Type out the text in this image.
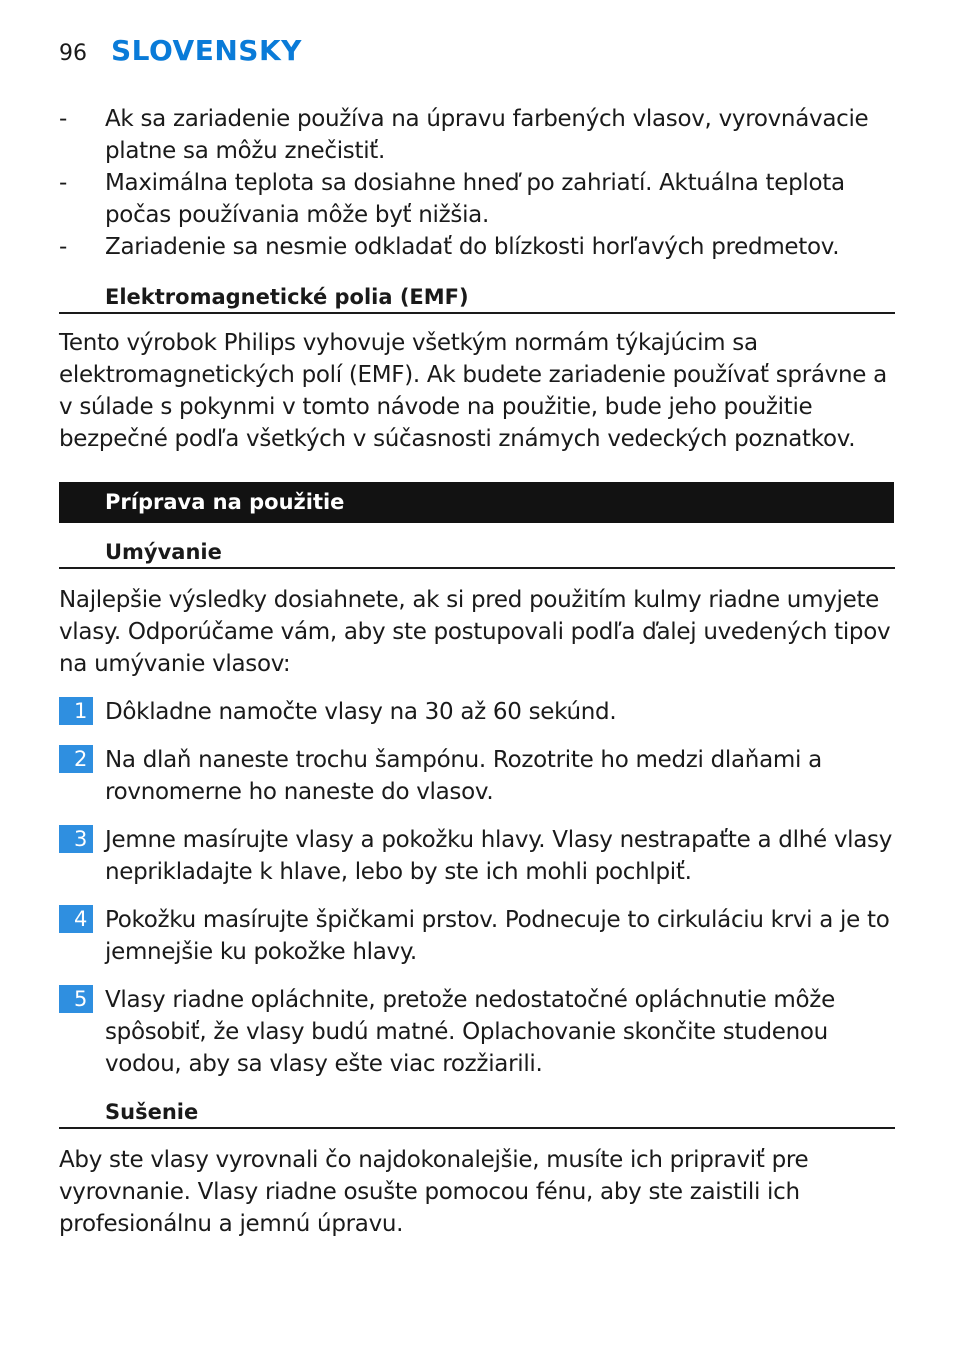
96 SLOVENSKY
-	Ak sa zariadenie používa na úpravu farbených vlasov, vyrovnávacie platne sa môžu znečistiť.
-	Maximálna teplota sa dosiahne hneď po zahriatí. Aktuálna teplota počas používania môže byť nižšia.
-	Zariadenie sa nesmie odkladať do blízkosti horľavých predmetov.
Elektromagnetické polia (EMF)
Tento výrobok Philips vyhovuje všetkým normám týkajúcim sa elektromagnetických polí (EMF). Ak budete zariadenie používať správne a v súlade s pokynmi v tomto návode na použitie, bude jeho použitie bezpečné podľa všetkých v súčasnosti známych vedeckých poznatkov.
Príprava na použitie
Umývanie
Najlepšie výsledky dosiahnete, ak si pred použitím kulmy riadne umyjete vlasy. Odporúčame vám, aby ste postupovali podľa ďalej uvedených tipov na umývanie vlasov:
1 Dôkladne namočte vlasy na 30 až 60 sekúnd.
2 Na dlaň naneste trochu šampónu. Rozotrite ho medzi dlaňami a rovnomerne ho naneste do vlasov.
3 Jemne masírujte vlasy a pokožku hlavy. Vlasy nestrapaťte a dlhé vlasy neprikladajte k hlave, lebo by ste ich mohli pochlpiť.
4 Pokožku masírujte špičkami prstov. Podnecuje to cirkuláciu krvi a je to jemnejšie ku pokožke hlavy.
5 Vlasy riadne opláchnite, pretože nedostatočné opláchnutie môže spôsobiť, že vlasy budú matné. Oplachovanie skončite studenou vodou, aby sa vlasy ešte viac rozžiarili.
Sušenie
Aby ste vlasy vyrovnali čo najdokonalejšie, musíte ich pripraviť pre vyrovnanie. Vlasy riadne osušte pomocou fénu, aby ste zaistili ich profesionálnu a jemnú úpravu.
